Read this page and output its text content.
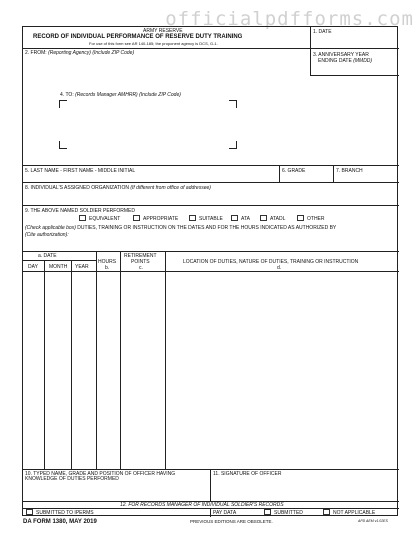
officialpdfforms.com
ARMY RESERVE
RECORD OF INDIVIDUAL PERFORMANCE OF RESERVE DUTY TRAINING
For use of this form see AR 140-185; the proponent agency is DCS, G-1.
1. DATE
2. FROM: (Reporting Agency) (Include ZIP Code)	3. ANNIVERSARY YEAR
ENDING DATE (MMDD)
4. TO: (Records Manager AMHRR) (Include ZIP Code)
5. LAST NAME - FIRST NAME - MIDDLE INITIAL	6. GRADE	7. BRANCH
8. INDIVIDUAL'S ASSIGNED ORGANIZATION (If different from office of addressee)
9. THE ABOVE NAMED SOLDIER PERFORMED
EQUIVALENT	APPROPRIATE	SUITABLE	ATA	ATADL	OTHER
(Check applicable box) DUTIES, TRAINING OR INSTRUCTION ON THE DATES AND FOR THE HOURS INDICATED AS AUTHORIZED BY
(Cite authorization):
a. DATE
DAY MONTH YEAR
HOURS
b.
RETIREMENT
POINTS
c.
LOCATION OF DUTIES, NATURE OF DUTIES, TRAINING OR INSTRUCTION
d.
10. TYPED NAME, GRADE AND POSITION OF OFFICER HAVING
KNOWLEDGE OF DUTIES PERFORMED
11. SIGNATURE OF OFFICER
12. FOR RECORDS MANAGER OF INDIVIDUAL SOLDIER'S RECORDS
SUBMITTED TO IPERMS	PAY DATA	SUBMITTED	NOT APPLICABLE
DA FORM 1380, MAY 2019	PREVIOUS EDITIONS ARE OBSOLETE.	APD AEM v1.02ES
